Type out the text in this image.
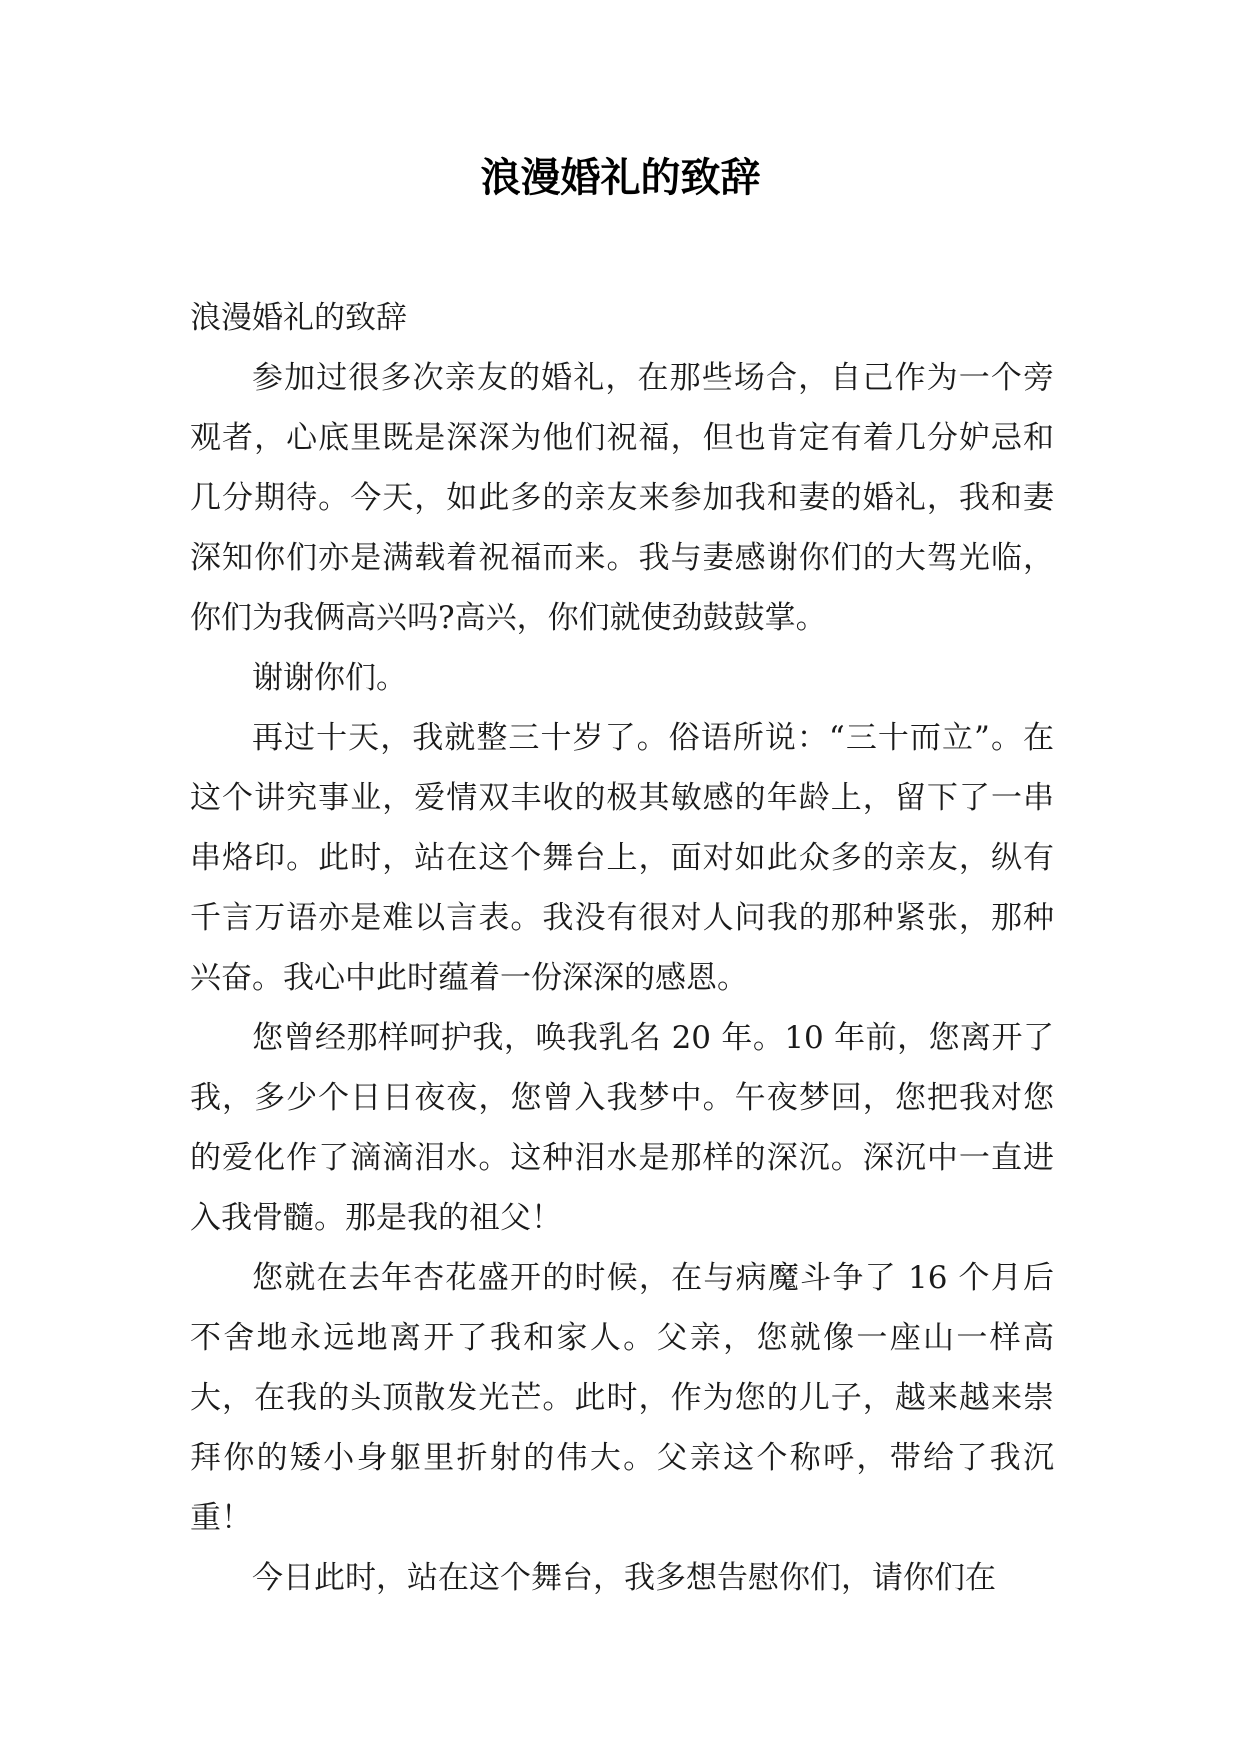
浪漫婚礼的致辞

浪漫婚礼的致辞

参加过很多次亲友的婚礼，在那些场合，自己作为一个旁观者，心底里既是深深为他们祝福，但也肯定有着几分妒忌和几分期待。今天，如此多的亲友来参加我和妻的婚礼，我和妻深知你们亦是满载着祝福而来。我与妻感谢你们的大驾光临，你们为我俩高兴吗?高兴，你们就使劲鼓鼓掌。

谢谢你们。

再过十天，我就整三十岁了。俗语所说：“三十而立”。在这个讲究事业，爱情双丰收的极其敏感的年龄上，留下了一串串烙印。此时，站在这个舞台上，面对如此众多的亲友，纵有千言万语亦是难以言表。我没有很对人问我的那种紧张，那种兴奋。我心中此时蕴着一份深深的感恩。

您曾经那样呵护我，唤我乳名 20 年。10 年前，您离开了我，多少个日日夜夜，您曾入我梦中。午夜梦回，您把我对您的爱化作了滴滴泪水。这种泪水是那样的深沉。深沉中一直进入我骨髓。那是我的祖父！

您就在去年杏花盛开的时候，在与病魔斗争了 16 个月后不舍地永远地离开了我和家人。父亲，您就像一座山一样高大，在我的头顶散发光芒。此时，作为您的儿子，越来越来崇拜你的矮小身躯里折射的伟大。父亲这个称呼，带给了我沉重！

今日此时，站在这个舞台，我多想告慰你们，请你们在
